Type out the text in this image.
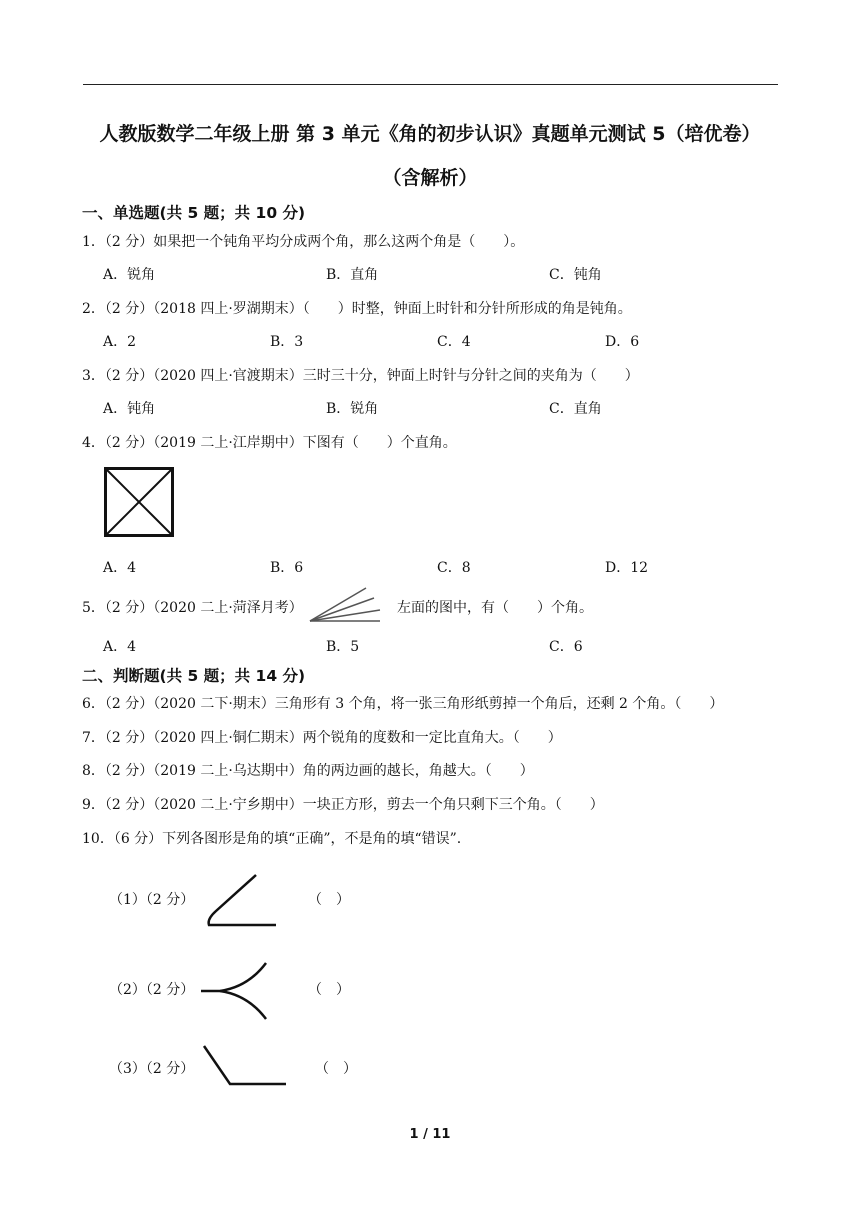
人教版数学二年级上册 第 3 单元《角的初步认识》真题单元测试 5（培优卷）
（含解析）
一、单选题(共 5 题；共 10 分)
1．（2 分）如果把一个钝角平均分成两个角，那么这两个角是（　　）。
A．锐角	B．直角	C．钝角
2．（2 分）（2018 四上·罗湖期末）（　　）时整，钟面上时针和分针所形成的角是钝角。
A．2	B．3	C．4	D．6
3．（2 分）（2020 四上·官渡期末）三时三十分，钟面上时针与分针之间的夹角为（　　）
A．钝角	B．锐角	C．直角
4．（2 分）（2019 二上·江岸期中）下图有（　　）个直角。
A．4	B．6	C．8	D．12
5．（2 分）（2020 二上·菏泽月考）	左面的图中，有（　　）个角。
A．4	B．5	C．6
二、判断题(共 5 题；共 14 分)
6．（2 分）（2020 二下·期末）三角形有 3 个角，将一张三角形纸剪掉一个角后，还剩 2 个角。（　　）
7．（2 分）（2020 四上·铜仁期末）两个锐角的度数和一定比直角大。（　　）
8．（2 分）（2019 二上·乌达期中）角的两边画的越长，角越大。（　　）
9．（2 分）（2020 二上·宁乡期中）一块正方形，剪去一个角只剩下三个角。（　　）
10．（6 分）下列各图形是角的填“正确”，不是角的填“错误”.
（1）（2 分）	（　）
（2）（2 分）	（　）
（3）（2 分）	（　）
1 / 11
